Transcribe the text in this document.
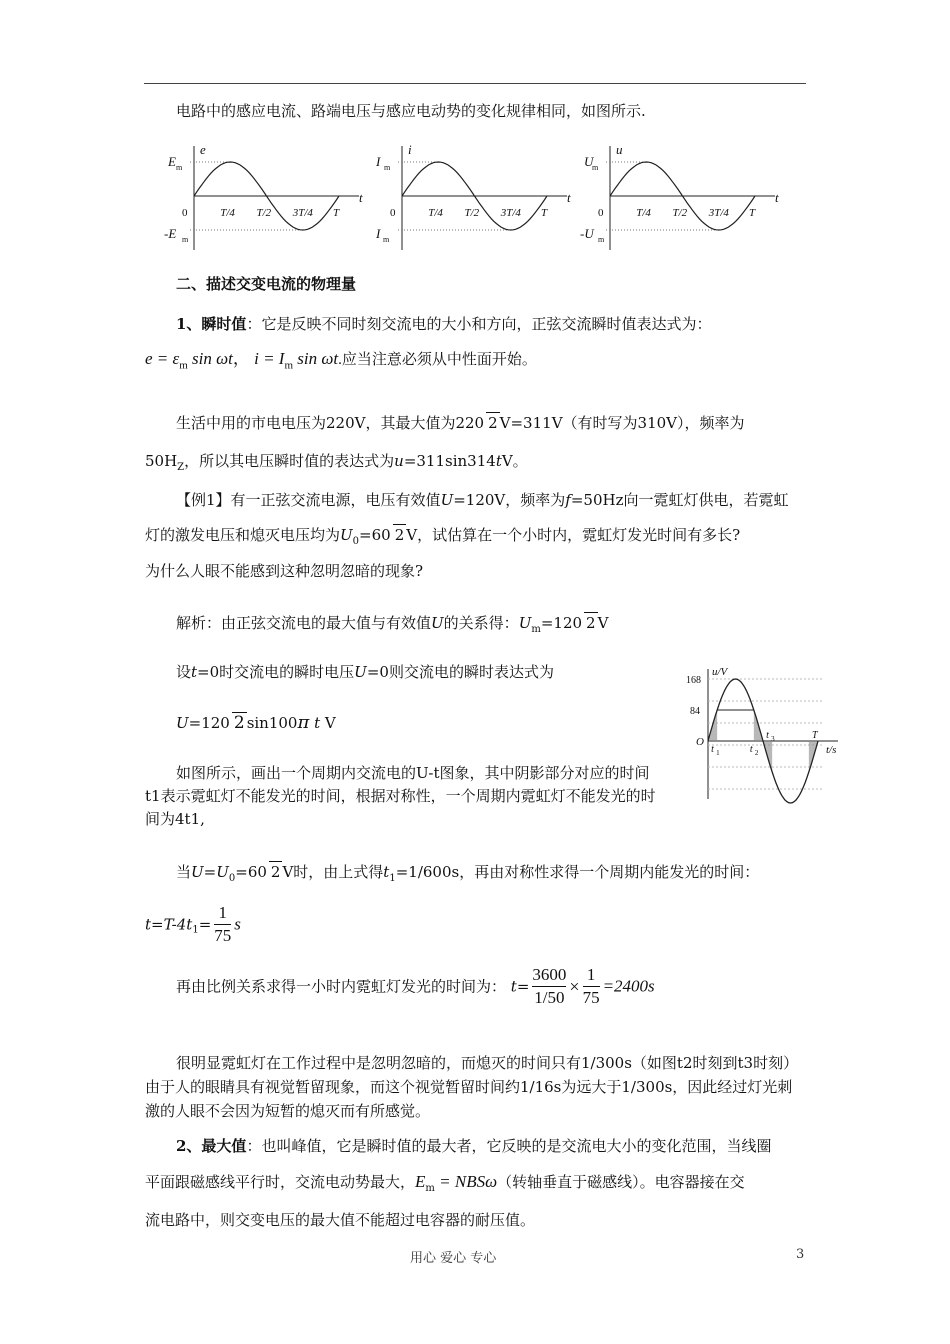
电路中的感应电流、路端电压与感应电动势的变化规律相同，如图所示.
E m
-E m
e
t
0	T/4 T/2 3T/4 T
I m
I m
i
t
0	T/4 T/2 3T/4 T
U
m
-U m
u
t
0	T/4 T/2 3T/4 T
二、描述交变电流的物理量
1、瞬时值：它是反映不同时刻交流电的大小和方向，正弦交流瞬时值表达式为：
$e = \varepsilon_m$ sin ωt， $i = I_m$ sin ωt.应当注意必须从中性面开始。
生活中用的市电电压为220V，其最大值为220 2 V=311V（有时写为310V），频率为
$50H_Z$，所以其电压瞬时值的表达式为u=311sin314tV。
【例1】有一正弦交流电源，电压有效值U=120V，频率为f=50Hz向一霓虹灯供电，若霓虹
灯的激发电压和熄灭电压均为$U_0=60$ 2 V，试估算在一个小时内，霓虹灯发光时间有多长?
为什么人眼不能感到这种忽明忽暗的现象?
解析：由正弦交流电的最大值与有效值U的关系得：$U_m=120$ 2 V
设t=0时交流电的瞬时电压U=0则交流电的瞬时表达式为
U=120 2 sin100π t V
如图所示，画出一个周期内交流电的U-t图象，其中阴影部分对应的时间t1表示霓虹灯不能发光的时间，根据对称性，一个周期内霓虹灯不能发光的时间为4t1,
u/V
t/s
168
84
O
t 1	t 2
t 3	T
当$U=U_0=60$ 2 V时，由上式得$t_1=1/600s$，再由对称性求得一个周期内能发光的时间：
$t=T-4t_1= \frac{1}{75}$ s
再由比例关系求得一小时内霓虹灯发光的时间为： $t= \frac{3600}{1/50} \times \frac{1}{75} =2400s$
很明显霓虹灯在工作过程中是忽明忽暗的，而熄灭的时间只有1/300s（如图t2时刻到t3时刻）由于人的眼睛具有视觉暂留现象，而这个视觉暂留时间约1/16s为远大于1/300s，因此经过灯光刺激的人眼不会因为短暂的熄灭而有所感觉。
2、最大值：也叫峰值，它是瞬时值的最大者，它反映的是交流电大小的变化范围，当线圈
平面跟磁感线平行时，交流电动势最大，$E_m = NBS\omega$（转轴垂直于磁感线）。电容器接在交
流电路中，则交变电压的最大值不能超过电容器的耐压值。
用心 爱心 专心	3
